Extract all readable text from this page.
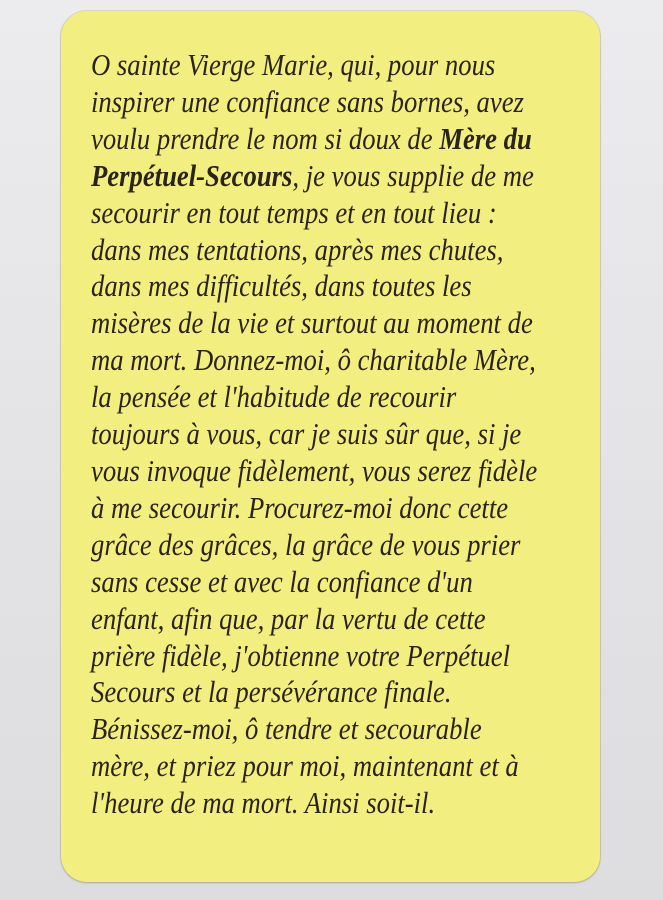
O sainte Vierge Marie, qui, pour nous
inspirer une confiance sans bornes, avez
voulu prendre le nom si doux de Mère du
Perpétuel-Secours, je vous supplie de me
secourir en tout temps et en tout lieu :
dans mes tentations, après mes chutes,
dans mes difficultés, dans toutes les
misères de la vie et surtout au moment de
ma mort. Donnez-moi, ô charitable Mère,
la pensée et l'habitude de recourir
toujours à vous, car je suis sûr que, si je
vous invoque fidèlement, vous serez fidèle
à me secourir. Procurez-moi donc cette
grâce des grâces, la grâce de vous prier
sans cesse et avec la confiance d'un
enfant, afin que, par la vertu de cette
prière fidèle, j'obtienne votre Perpétuel
Secours et la persévérance finale.
Bénissez-moi, ô tendre et secourable
mère, et priez pour moi, maintenant et à
l'heure de ma mort. Ainsi soit-il.
